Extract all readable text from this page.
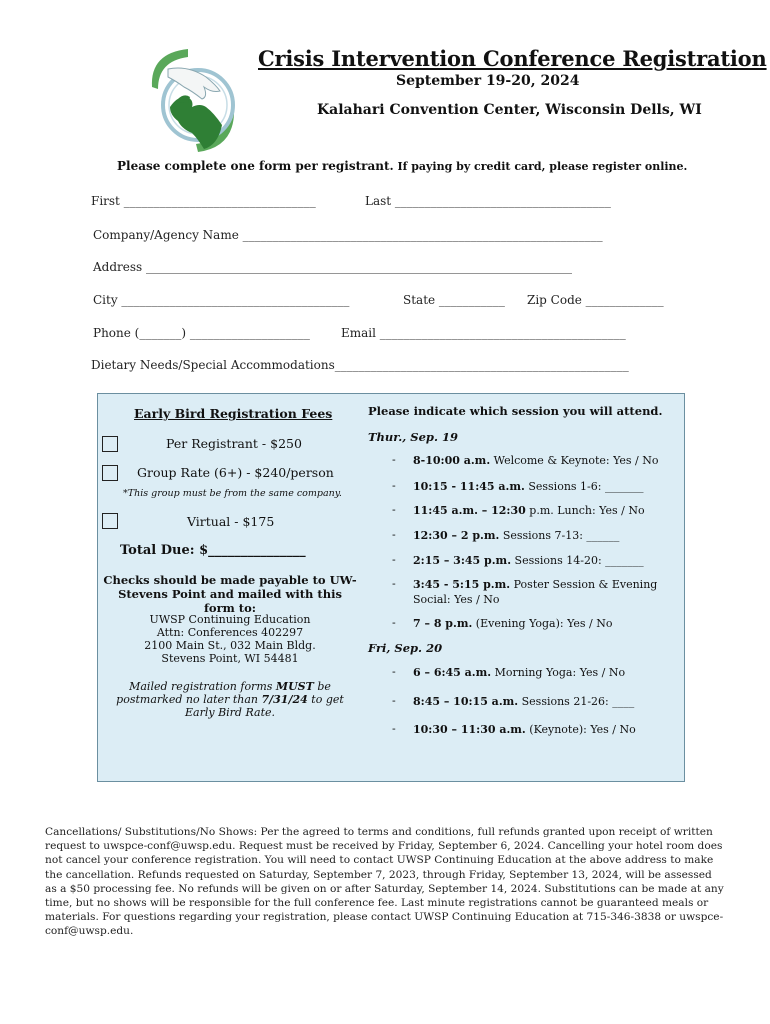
Crisis Intervention Conference Registration
September 19-20, 2024
Kalahari Convention Center, Wisconsin Dells, WI
Please complete one form per registrant. If paying by credit card, please register online.
First ________________________________	Last ____________________________________
Company/Agency Name ____________________________________________________________
Address _______________________________________________________________________
City ______________________________________	State ___________ Zip Code _____________
Phone (_______) ____________________	Email _________________________________________
Dietary Needs/Special Accommodations_________________________________________________
Early Bird Registration Fees
Per Registrant - $250
Group Rate (6+) - $240/person
*This group must be from the same company.
Virtual - $175
Total Due: $_______________
Checks should be made payable to UW-Stevens Point and mailed with this form to:
UWSP Continuing Education
Attn: Conferences 402297
2100 Main St., 032 Main Bldg.
Stevens Point, WI 54481
Mailed registration forms MUST be postmarked no later than 7/31/24 to get Early Bird Rate.
Please indicate which session you will attend.
Thur., Sep. 19
- 8-10:00 a.m. Welcome & Keynote: Yes / No
- 10:15 - 11:45 a.m. Sessions 1-6: _______
- 11:45 a.m. – 12:30 p.m. Lunch: Yes / No
- 12:30 – 2 p.m. Sessions 7-13: ______
- 2:15 – 3:45 p.m. Sessions 14-20: _______
- 3:45 - 5:15 p.m. Poster Session & Evening
Social: Yes / No
- 7 – 8 p.m. (Evening Yoga): Yes / No
Fri, Sep. 20
- 6 – 6:45 a.m. Morning Yoga: Yes / No
- 8:45 – 10:15 a.m. Sessions 21-26: ____
- 10:30 – 11:30 a.m. (Keynote): Yes / No
Cancellations/ Substitutions/No Shows: Per the agreed to terms and conditions, full refunds granted upon receipt of written request to uwspce-conf@uwsp.edu. Request must be received by Friday, September 6, 2024. Cancelling your hotel room does not cancel your conference registration. You will need to contact UWSP Continuing Education at the above address to make the cancellation. Refunds requested on Saturday, September 7, 2023, through Friday, September 13, 2024, will be assessed as a $50 processing fee. No refunds will be given on or after Saturday, September 14, 2024. Substitutions can be made at any time, but no shows will be responsible for the full conference fee. Last minute registrations cannot be guaranteed meals or materials. For questions regarding your registration, please contact UWSP Continuing Education at 715-346-3838 or uwspce-conf@uwsp.edu.
